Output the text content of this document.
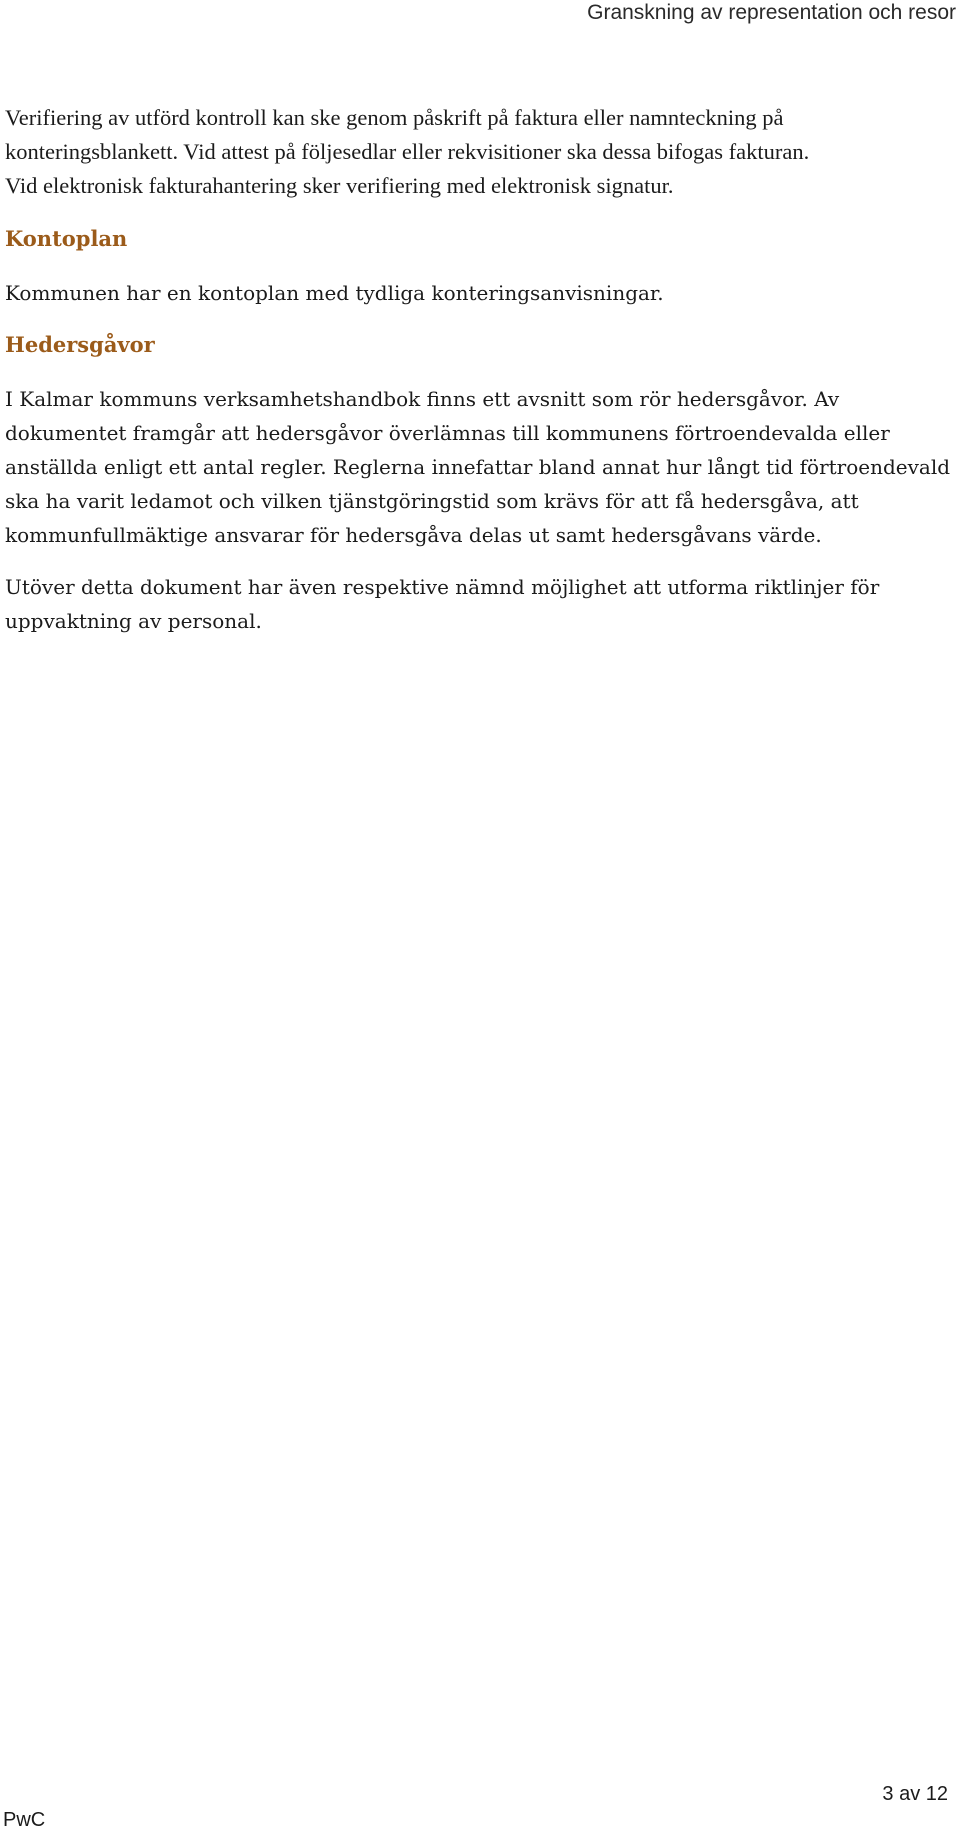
Granskning av representation och resor

Verifiering av utförd kontroll kan ske genom påskrift på faktura eller namnteckning på konteringsblankett. Vid attest på följesedlar eller rekvisitioner ska dessa bifogas fakturan. Vid elektronisk fakturahantering sker verifiering med elektronisk signatur.

Kontoplan

Kommunen har en kontoplan med tydliga konteringsanvisningar.

Hedersgåvor

I Kalmar kommuns verksamhetshandbok finns ett avsnitt som rör hedersgåvor. Av dokumentet framgår att hedersgåvor överlämnas till kommunens förtroendevalda eller anställda enligt ett antal regler. Reglerna innefattar bland annat hur långt tid förtroendevald ska ha varit ledamot och vilken tjänstgöringstid som krävs för att få hedersgåva, att kommunfullmäktige ansvarar för hedersgåva delas ut samt hedersgåvans värde.

Utöver detta dokument har även respektive nämnd möjlighet att utforma riktlinjer för uppvaktning av personal.

3 av 12
PwC
